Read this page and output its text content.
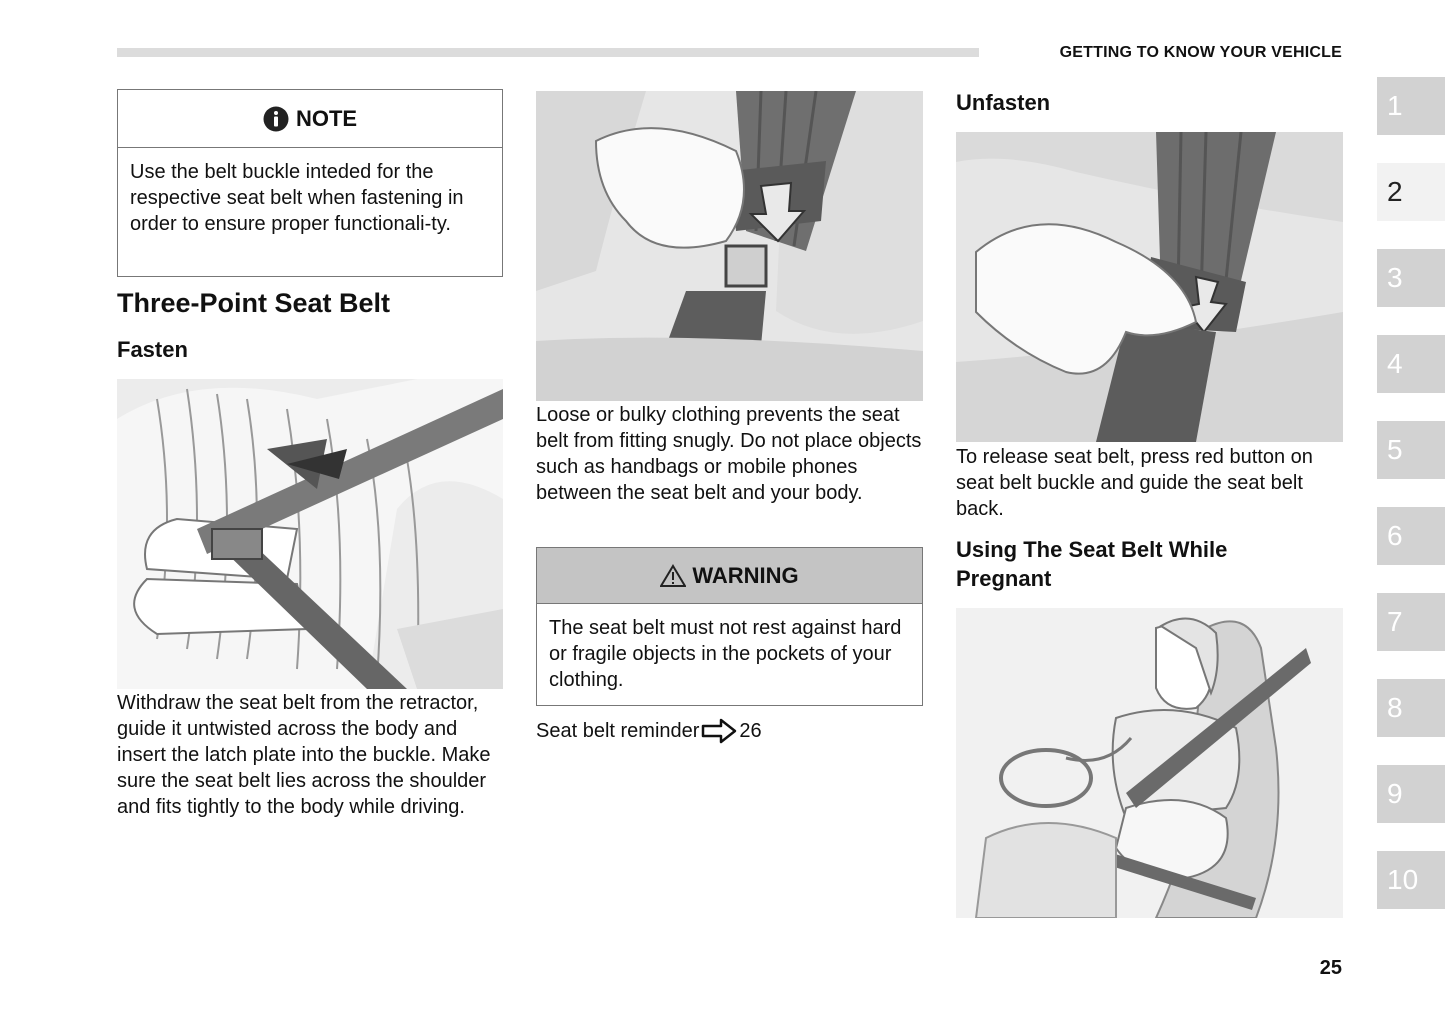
GETTING TO KNOW YOUR VEHICLE
NOTE
Use the belt buckle inteded for the respective seat belt when fastening in order to ensure proper functionali-ty.
Three-Point Seat Belt
Fasten
Withdraw the seat belt from the retractor, guide it untwisted across the body and insert the latch plate into the buckle. Make sure the seat belt lies across the shoulder and fits tightly to the body while driving.
Loose or bulky clothing prevents the seat belt from fitting snugly. Do not place objects such as handbags or mobile phones between the seat belt and your body.
WARNING
The seat belt must not rest against hard or fragile objects in the pockets of your clothing.
Seat belt reminder 26
Unfasten
To release seat belt, press red button on seat belt buckle and guide the seat belt back.
Using The Seat Belt While Pregnant
1
2
3
4
5
6
7
8
9
10
25
